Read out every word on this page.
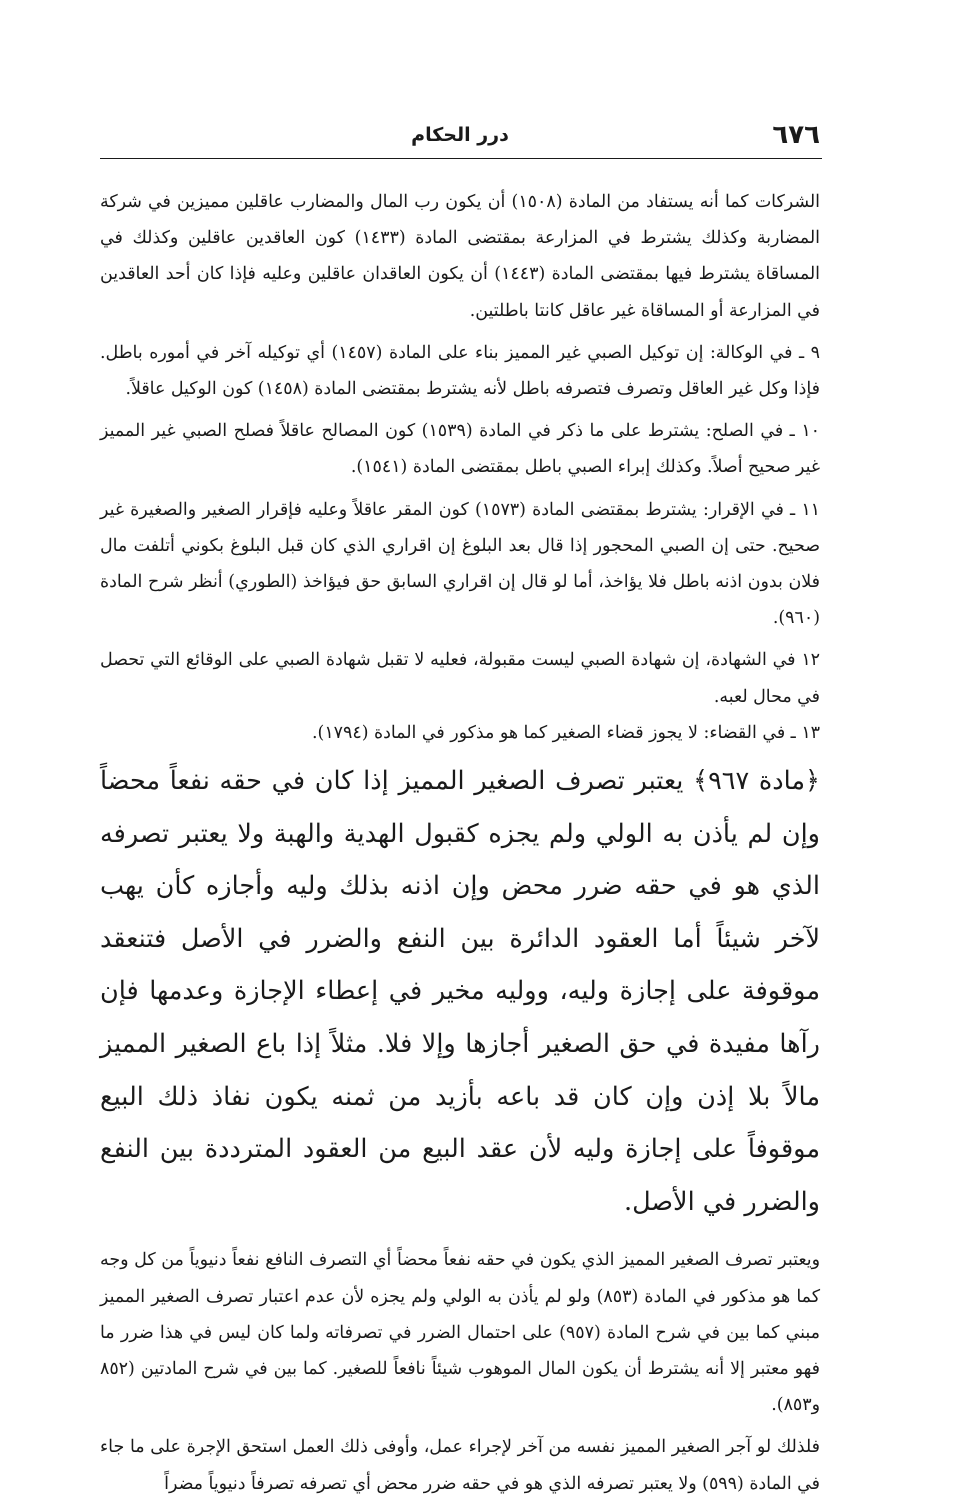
٦٧٦
درر الحكام

الشركات كما أنه يستفاد من المادة (١٥٠٨) أن يكون رب المال والمضارب عاقلين مميزين في شركة المضاربة وكذلك يشترط في المزارعة بمقتضى المادة (١٤٣٣) كون العاقدين عاقلين وكذلك في المساقاة يشترط فيها بمقتضى المادة (١٤٤٣) أن يكون العاقدان عاقلين وعليه فإذا كان أحد العاقدين في المزارعة أو المساقاة غير عاقل كانتا باطلتين.

٩ ـ في الوكالة: إن توكيل الصبي غير المميز بناء على المادة (١٤٥٧) أي توكيله آخر في أموره باطل. فإذا وكل غير العاقل وتصرف فتصرفه باطل لأنه يشترط بمقتضى المادة (١٤٥٨) كون الوكيل عاقلاً.

١٠ ـ في الصلح: يشترط على ما ذكر في المادة (١٥٣٩) كون المصالح عاقلاً فصلح الصبي غير المميز غير صحيح أصلاً. وكذلك إبراء الصبي باطل بمقتضى المادة (١٥٤١).

١١ ـ في الإقرار: يشترط بمقتضى المادة (١٥٧٣) كون المقر عاقلاً وعليه فإقرار الصغير والصغيرة غير صحيح. حتى إن الصبي المحجور إذا قال بعد البلوغ إن اقراري الذي كان قبل البلوغ بكوني أتلفت مال فلان بدون اذنه باطل فلا يؤاخذ، أما لو قال إن اقراري السابق حق فيؤاخذ (الطوري) أنظر شرح المادة (٩٦٠).

١٢ في الشهادة، إن شهادة الصبي ليست مقبولة، فعليه لا تقبل شهادة الصبي على الوقائع التي تحصل في محال لعبه.

١٣ ـ في القضاء: لا يجوز قضاء الصغير كما هو مذكور في المادة (١٧٩٤).

﴿مادة ٩٦٧﴾ يعتبر تصرف الصغير المميز إذا كان في حقه نفعاً محضاً وإن لم يأذن به الولي ولم يجزه كقبول الهدية والهبة ولا يعتبر تصرفه الذي هو في حقه ضرر محض وإن اذنه بذلك وليه وأجازه كأن يهب لآخر شيئاً أما العقود الدائرة بين النفع والضرر في الأصل فتنعقد موقوفة على إجازة وليه، ووليه مخير في إعطاء الإجازة وعدمها فإن رآها مفيدة في حق الصغير أجازها وإلا فلا. مثلاً إذا باع الصغير المميز مالاً بلا إذن وإن كان قد باعه بأزيد من ثمنه يكون نفاذ ذلك البيع موقوفاً على إجازة وليه لأن عقد البيع من العقود المترددة بين النفع والضرر في الأصل.

ويعتبر تصرف الصغير المميز الذي يكون في حقه نفعاً محضاً أي التصرف النافع نفعاً دنيوياً من كل وجه كما هو مذكور في المادة (٨٥٣) ولو لم يأذن به الولي ولم يجزه لأن عدم اعتبار تصرف الصغير المميز مبني كما بين في شرح المادة (٩٥٧) على احتمال الضرر في تصرفاته ولما كان ليس في هذا ضرر ما فهو معتبر إلا أنه يشترط أن يكون المال الموهوب شيئاً نافعاً للصغير. كما بين في شرح المادتين (٨٥٢ و٨٥٣).

فلذلك لو آجر الصغير المميز نفسه من آخر لإجراء عمل، وأوفى ذلك العمل استحق الإجرة على ما جاء في المادة (٥٩٩) ولا يعتبر تصرفه الذي هو في حقه ضرر محض أي تصرفه تصرفاً دنيوياً مضراً
